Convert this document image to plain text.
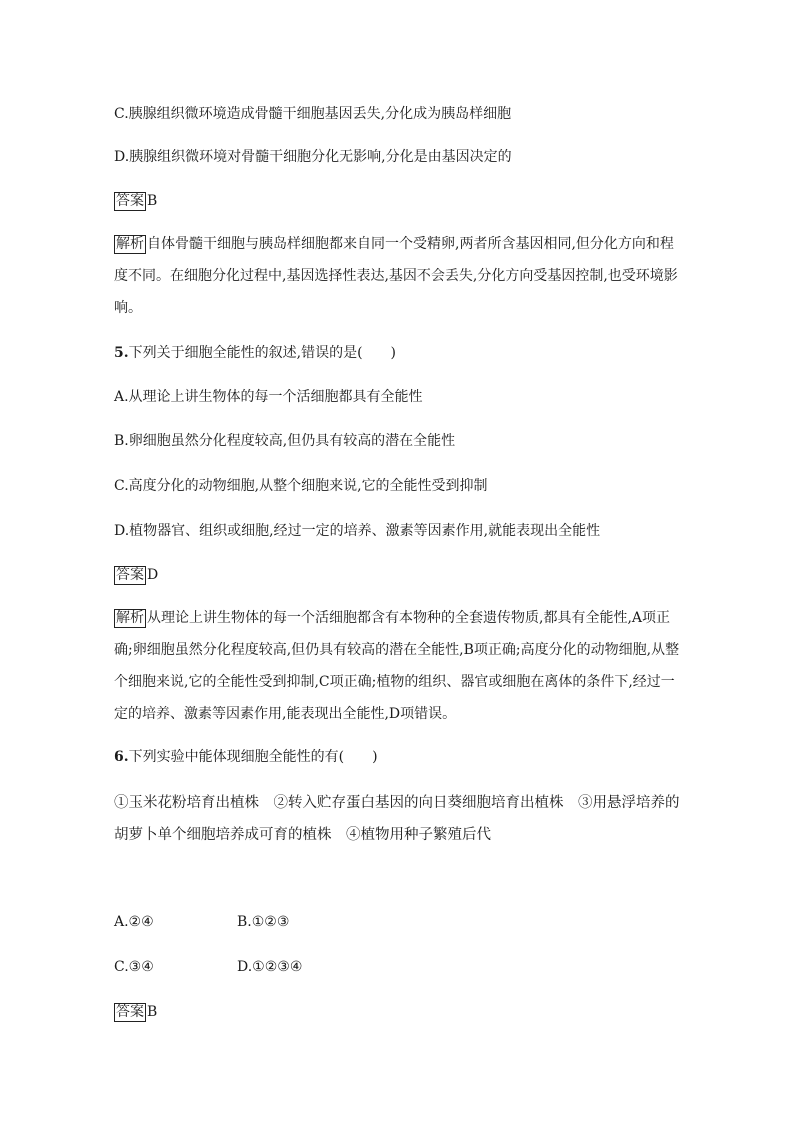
C.胰腺组织微环境造成骨髓干细胞基因丢失,分化成为胰岛样细胞
D.胰腺组织微环境对骨髓干细胞分化无影响,分化是由基因决定的
答案 B
解析 自体骨髓干细胞与胰岛样细胞都来自同一个受精卵,两者所含基因相同,但分化方向和程度不同。在细胞分化过程中,基因选择性表达,基因不会丢失,分化方向受基因控制,也受环境影响。
5.下列关于细胞全能性的叙述,错误的是(　　)
A.从理论上讲生物体的每一个活细胞都具有全能性
B.卵细胞虽然分化程度较高,但仍具有较高的潜在全能性
C.高度分化的动物细胞,从整个细胞来说,它的全能性受到抑制
D.植物器官、组织或细胞,经过一定的培养、激素等因素作用,就能表现出全能性
答案 D
解析 从理论上讲生物体的每一个活细胞都含有本物种的全套遗传物质,都具有全能性,A项正确;卵细胞虽然分化程度较高,但仍具有较高的潜在全能性,B项正确;高度分化的动物细胞,从整个细胞来说,它的全能性受到抑制,C项正确;植物的组织、器官或细胞在离体的条件下,经过一定的培养、激素等因素作用,能表现出全能性,D项错误。
6.下列实验中能体现细胞全能性的有(　　)
①玉米花粉培育出植株　②转入贮存蛋白基因的向日葵细胞培育出植株　③用悬浮培养的胡萝卜单个细胞培养成可育的植株　④植物用种子繁殖后代
A.②④	B.①②③
C.③④	D.①②③④
答案 B
